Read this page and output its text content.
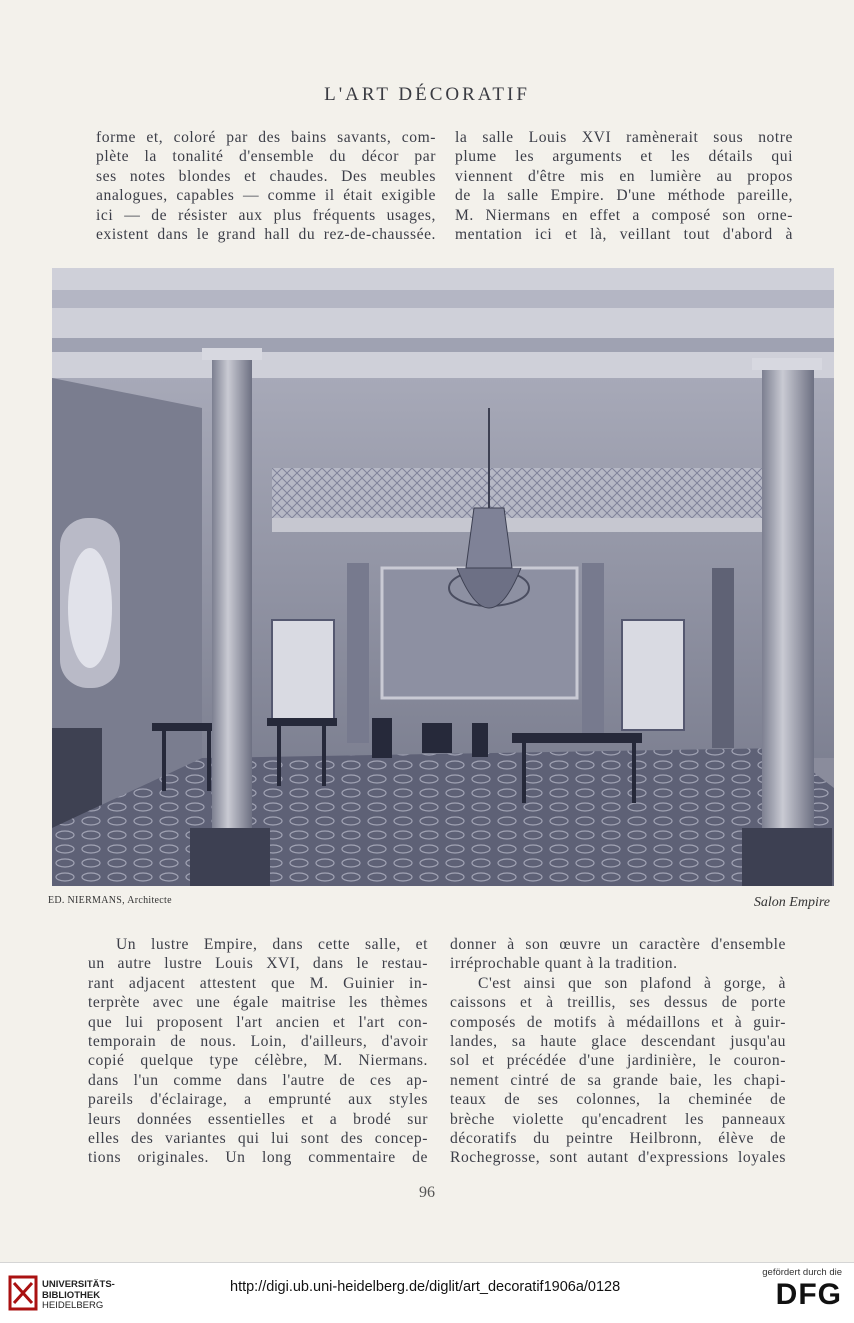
L'ART DÉCORATIF
forme et, coloré par des bains savants, com-
plète la tonalité d'ensemble du décor par
ses notes blondes et chaudes. Des meubles
analogues, capables — comme il était exigible
ici — de résister aux plus fréquents usages,
existent dans le grand hall du rez-de-chaussée.
la salle Louis XVI ramènerait sous notre
plume les arguments et les détails qui
viennent d'être mis en lumière au propos
de la salle Empire. D'une méthode pareille,
M. Niermans en effet a composé son orne-
mentation ici et là, veillant tout d'abord à
ED. NIERMANS, Architecte	Salon Empire
Un lustre Empire, dans cette salle, et
un autre lustre Louis XVI, dans le restau-
rant adjacent attestent que M. Guinier in-
terprète avec une égale maitrise les thèmes
que lui proposent l'art ancien et l'art con-
temporain de nous. Loin, d'ailleurs, d'avoir
copié quelque type célèbre, M. Niermans.
dans l'un comme dans l'autre de ces ap-
pareils d'éclairage, a emprunté aux styles
leurs données essentielles et a brodé sur
elles des variantes qui lui sont des concep-
tions originales. Un long commentaire de
donner à son œuvre un caractère d'ensemble
irréprochable quant à la tradition.
C'est ainsi que son plafond à gorge, à
caissons et à treillis, ses dessus de porte
composés de motifs à médaillons et à guir-
landes, sa haute glace descendant jusqu'au
sol et précédée d'une jardinière, le couron-
nement cintré de sa grande baie, les chapi-
teaux de ses colonnes, la cheminée de
brèche violette qu'encadrent les panneaux
décoratifs du peintre Heilbronn, élève de
Rochegrosse, sont autant d'expressions loyales
96
UNIVERSITÄTS-
BIBLIOTHEK
HEIDELBERG
http://digi.ub.uni-heidelberg.de/diglit/art_decoratif1906a/0128
gefördert durch die
DFG
